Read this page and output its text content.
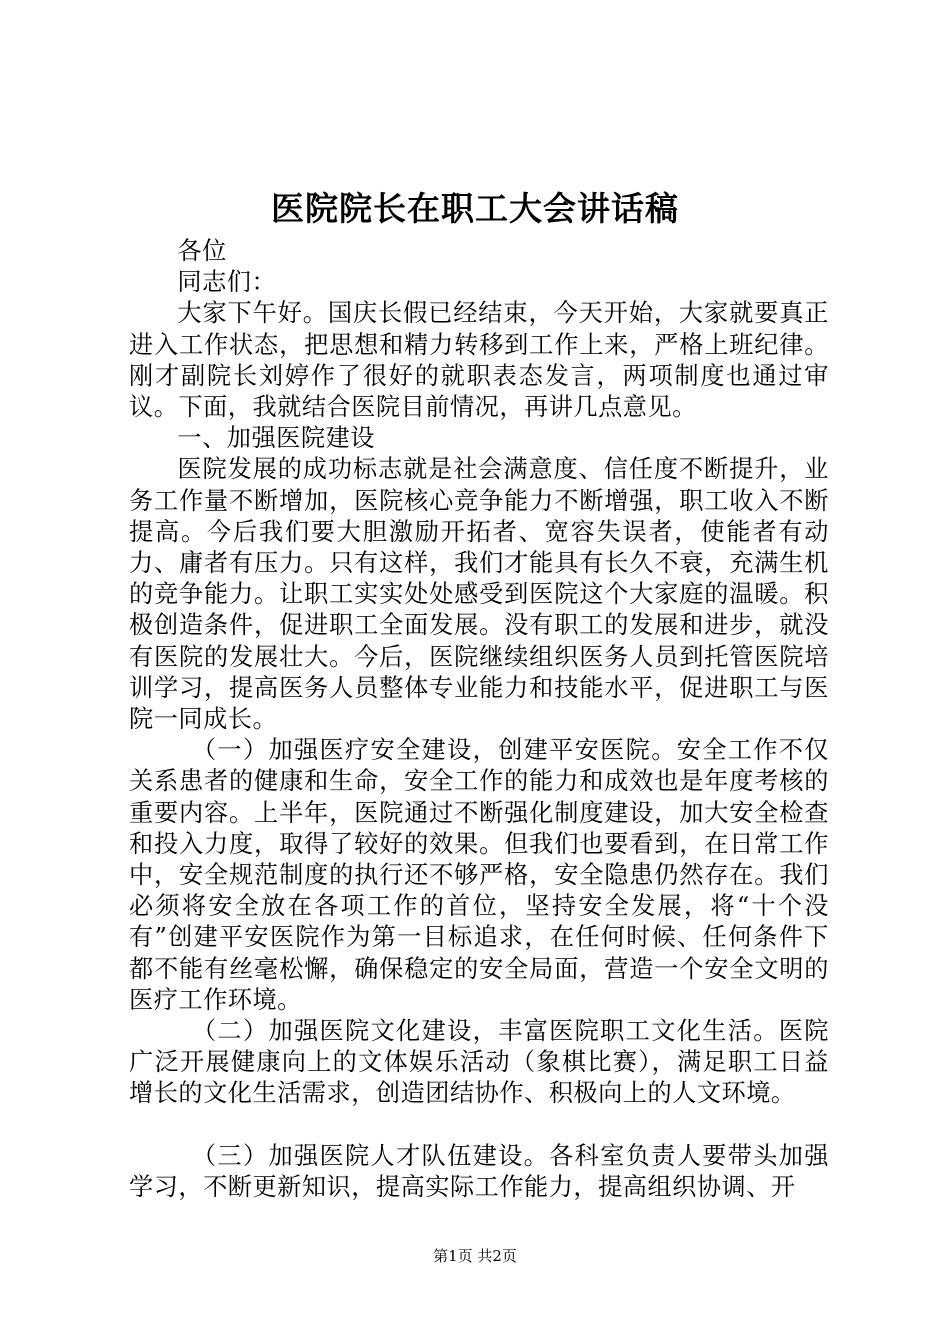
医院院长在职工大会讲话稿

各位

同志们：

大家下午好。国庆长假已经结束，今天开始，大家就要真正进入工作状态，把思想和精力转移到工作上来，严格上班纪律。刚才副院长刘婷作了很好的就职表态发言，两项制度也通过审议。下面，我就结合医院目前情况，再讲几点意见。

一、加强医院建设

医院发展的成功标志就是社会满意度、信任度不断提升，业务工作量不断增加，医院核心竞争能力不断增强，职工收入不断提高。今后我们要大胆激励开拓者、宽容失误者，使能者有动力、庸者有压力。只有这样，我们才能具有长久不衰，充满生机的竞争能力。让职工实实处处感受到医院这个大家庭的温暖。积极创造条件，促进职工全面发展。没有职工的发展和进步，就没有医院的发展壮大。今后，医院继续组织医务人员到托管医院培训学习，提高医务人员整体专业能力和技能水平，促进职工与医院一同成长。

（一）加强医疗安全建设，创建平安医院。安全工作不仅关系患者的健康和生命，安全工作的能力和成效也是年度考核的重要内容。上半年，医院通过不断强化制度建设，加大安全检查和投入力度，取得了较好的效果。但我们也要看到，在日常工作中，安全规范制度的执行还不够严格，安全隐患仍然存在。我们必须将安全放在各项工作的首位，坚持安全发展，将“十个没有”创建平安医院作为第一目标追求，在任何时候、任何条件下都不能有丝毫松懈，确保稳定的安全局面，营造一个安全文明的医疗工作环境。

（二）加强医院文化建设，丰富医院职工文化生活。医院广泛开展健康向上的文体娱乐活动（象棋比赛），满足职工日益增长的文化生活需求，创造团结协作、积极向上的人文环境。

（三）加强医院人才队伍建设。各科室负责人要带头加强学习，不断更新知识，提高实际工作能力，提高组织协调、开

第1页 共2页
